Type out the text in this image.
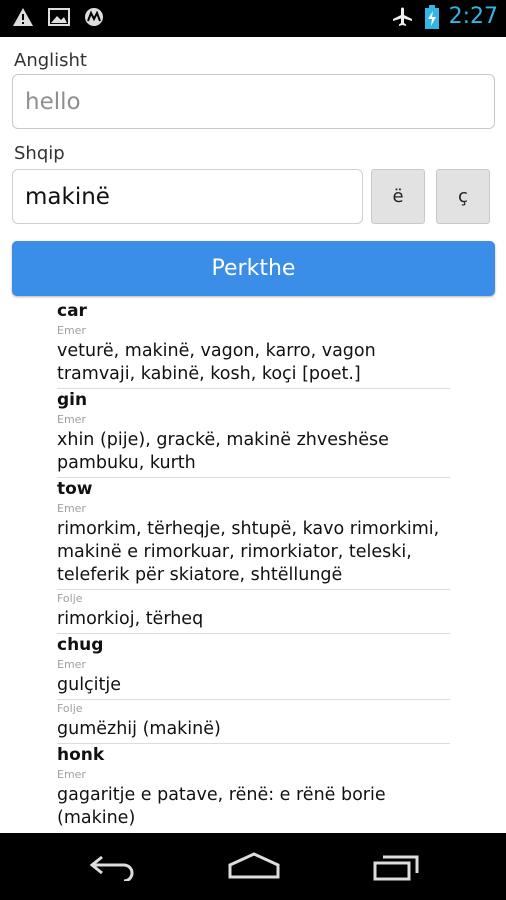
2:27
Anglisht
hello
Shqip
makinë	ë	ç
Perkthe
car
Emer
veturë, makinë, vagon, karro, vagon tramvaji, kabinë, kosh, koçi [poet.]
gin
Emer
xhin (pije), grackë, makinë zhveshëse pambuku, kurth
tow
Emer
rimorkim, tërheqje, shtupë, kavo rimorkimi, makinë e rimorkuar, rimorkiator, teleski, teleferik për skiatore, shtëllungë
Folje
rimorkioj, tërheq
chug
Emer
gulçitje
Folje
gumëzhij (makinë)
honk
Emer
gagaritje e patave, rënë: e rënë borie (makine)
